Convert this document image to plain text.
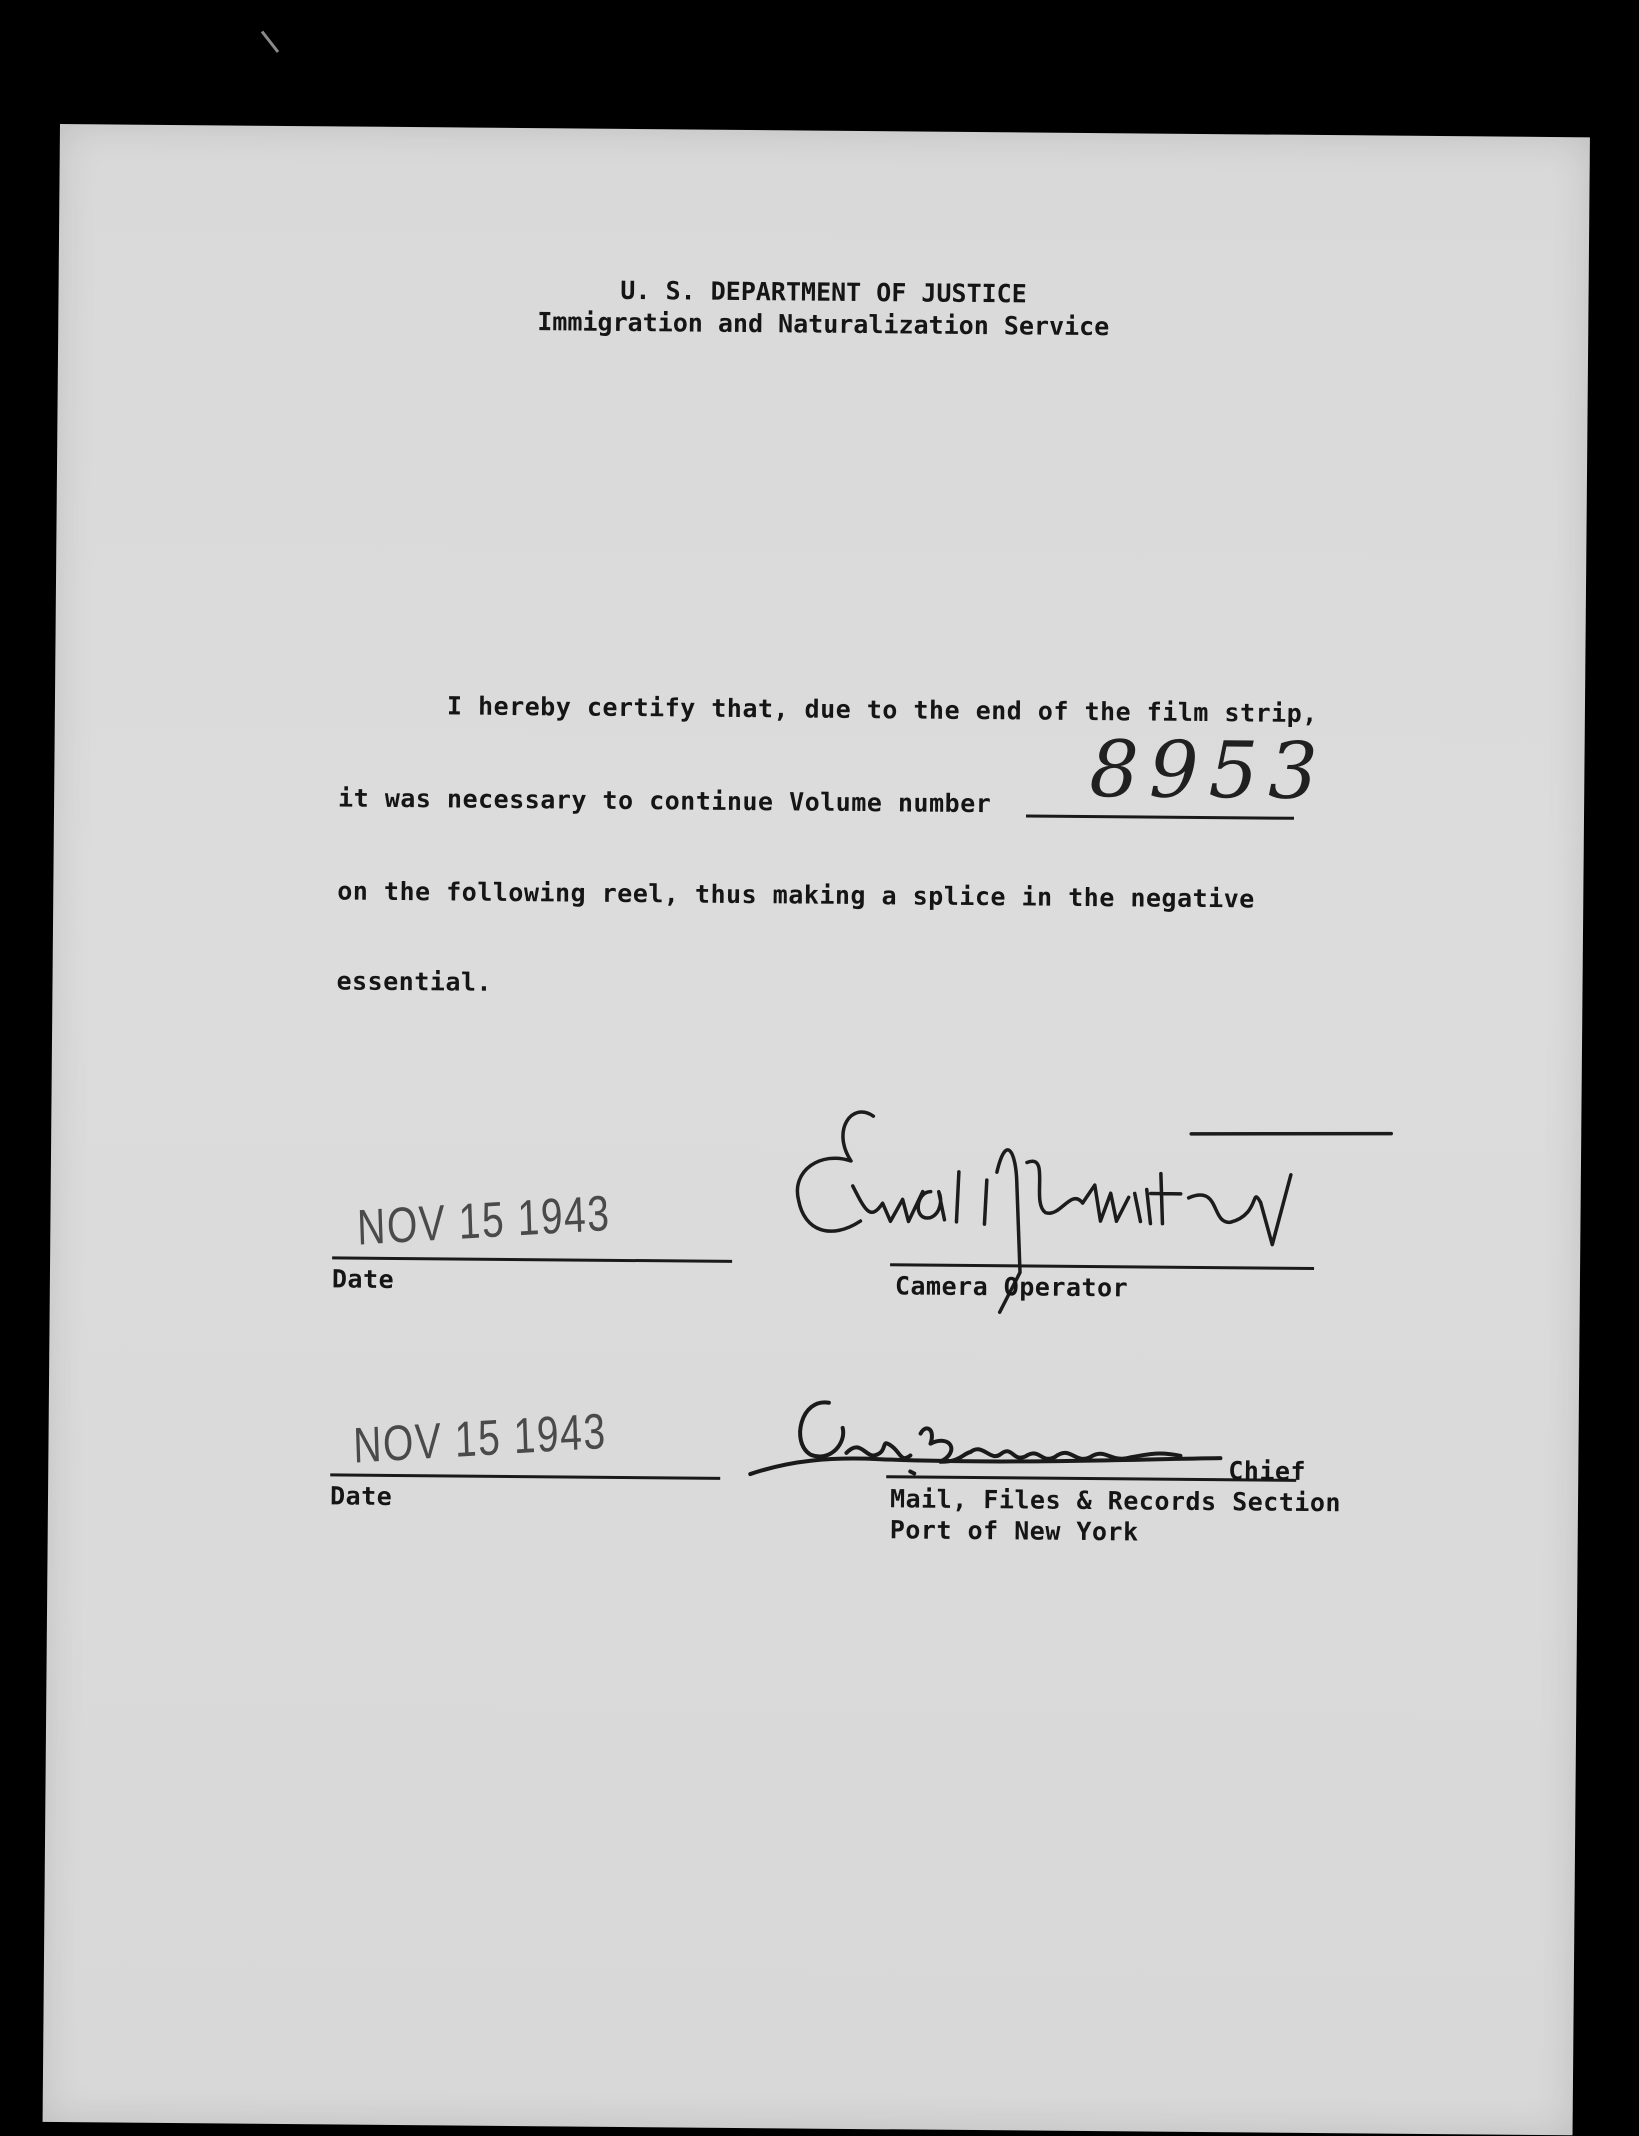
U. S. DEPARTMENT OF JUSTICE
Immigration and Naturalization Service
I hereby certify that, due to the end of the film strip,
it was necessary to continue Volume number 8953
on the following reel, thus making a splice in the negative
essential.
NOV 15 1943
Date	Camera Operator
NOV 15 1943
Date
Chief
Mail, Files & Records Section
Port of New York
